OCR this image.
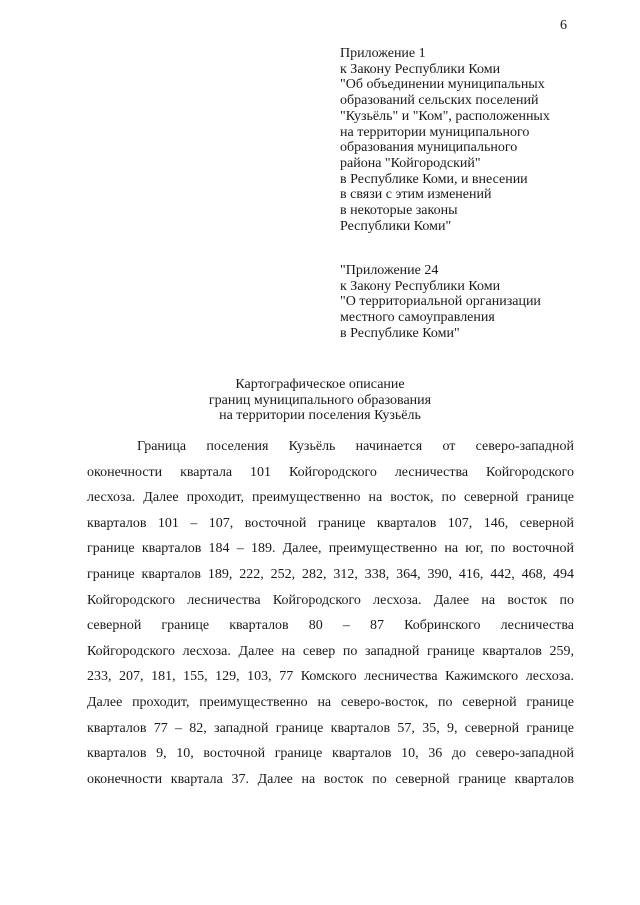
6
Приложение 1
к Закону Республики Коми
"Об объединении муниципальных
образований сельских поселений
"Кузьёль" и "Ком", расположенных
на территории муниципального
образования муниципального
района "Койгородский"
в Республике Коми, и внесении
в связи с этим изменений
в некоторые законы
Республики Коми"
"Приложение 24
к Закону Республики Коми
"О территориальной организации
местного самоуправления
в Республике Коми"
Картографическое описание
границ муниципального образования
на территории поселения Кузьёль
Граница поселения Кузьёль начинается от северо-западной
оконечности квартала 101 Койгородского лесничества Койгородского
лесхоза. Далее проходит, преимущественно на восток, по северной границе
кварталов 101 – 107, восточной границе кварталов 107, 146, северной
границе кварталов 184 – 189. Далее, преимущественно на юг, по восточной
границе кварталов 189, 222, 252, 282, 312, 338, 364, 390, 416, 442, 468, 494
Койгородского лесничества Койгородского лесхоза. Далее на восток по
северной границе кварталов 80 – 87 Кобринского лесничества
Койгородского лесхоза. Далее на север по западной границе кварталов 259,
233, 207, 181, 155, 129, 103, 77 Комского лесничества Кажимского лесхоза.
Далее проходит, преимущественно на северо-восток, по северной границе
кварталов 77 – 82, западной границе кварталов 57, 35, 9, северной границе
кварталов 9, 10, восточной границе кварталов 10, 36 до северо-западной
оконечности квартала 37. Далее на восток по северной границе кварталов
